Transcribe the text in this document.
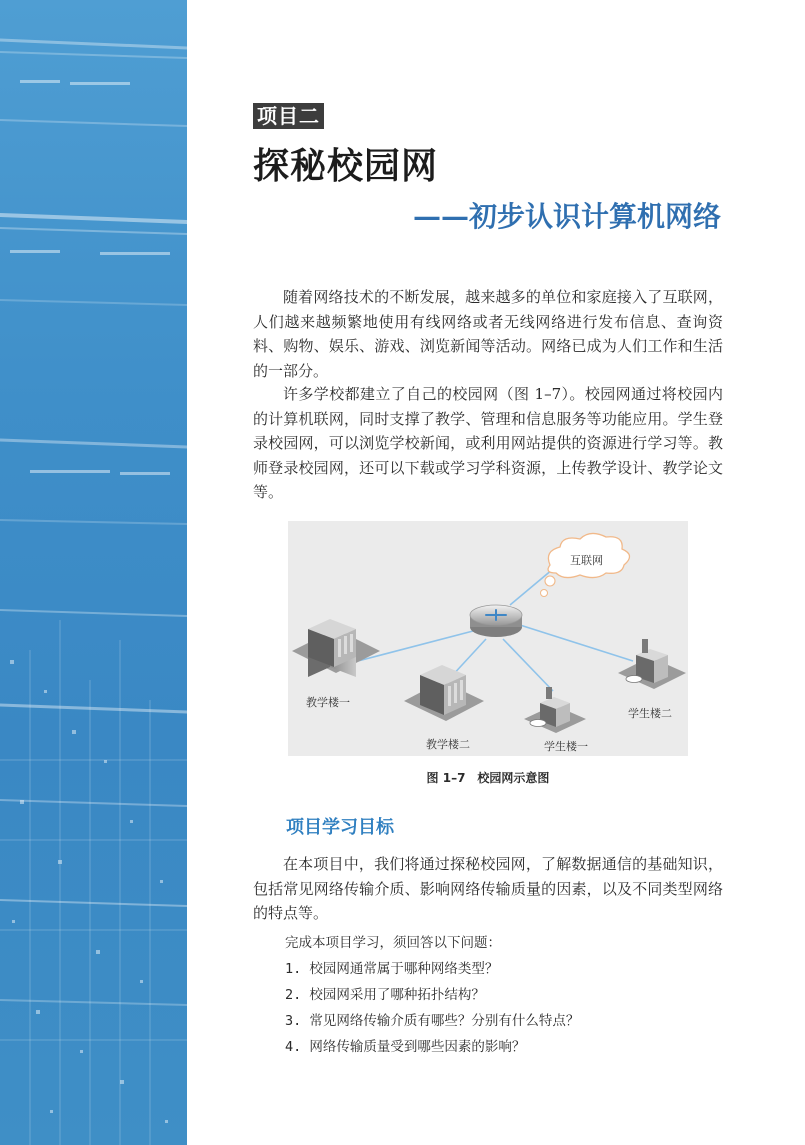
项目二
探秘校园网
——初步认识计算机网络

随着网络技术的不断发展，越来越多的单位和家庭接入了互联网，人们越来越频繁地使用有线网络或者无线网络进行发布信息、查询资料、购物、娱乐、游戏、浏览新闻等活动。网络已成为人们工作和生活的一部分。

许多学校都建立了自己的校园网（图 1–7）。校园网通过将校园内的计算机联网，同时支撑了教学、管理和信息服务等功能应用。学生登录校园网，可以浏览学校新闻，或利用网站提供的资源进行学习等。教师登录校园网，还可以下载或学习学科资源，上传教学设计、教学论文等。

互联网
教学楼一
教学楼二	学生楼一
学生楼二
图 1–7　校园网示意图
项目学习目标

在本项目中，我们将通过探秘校园网，了解数据通信的基础知识，包括常见网络传输介质、影响网络传输质量的因素，以及不同类型网络的特点等。

完成本项目学习，须回答以下问题：
1. 校园网通常属于哪种网络类型？
2. 校园网采用了哪种拓扑结构？
3. 常见网络传输介质有哪些？分别有什么特点？
4. 网络传输质量受到哪些因素的影响？
